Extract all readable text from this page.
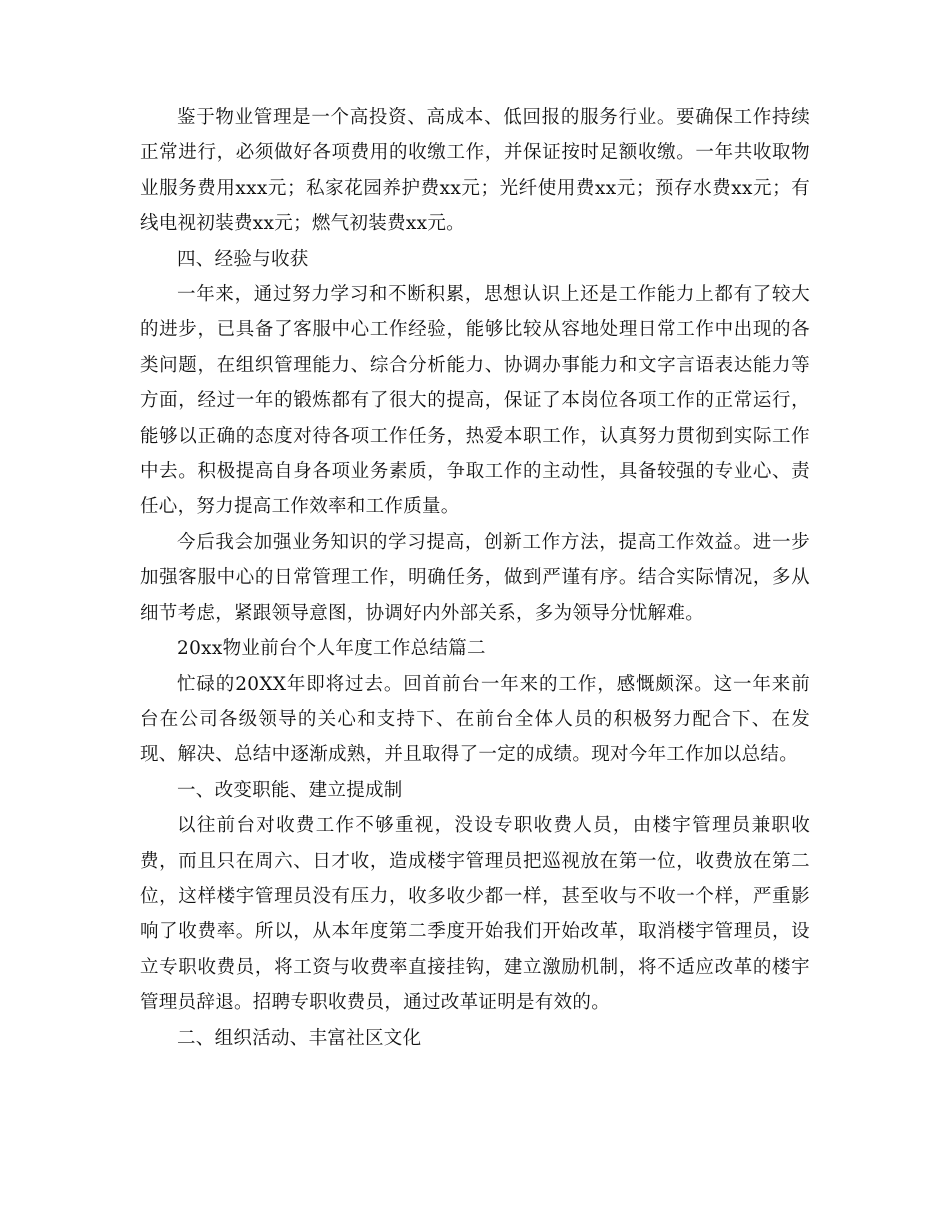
鉴于物业管理是一个高投资、高成本、低回报的服务行业。要确保工作持续正常进行，必须做好各项费用的收缴工作，并保证按时足额收缴。一年共收取物业服务费用xxx元；私家花园养护费xx元；光纤使用费xx元；预存水费xx元；有线电视初装费xx元；燃气初装费xx元。

四、经验与收获

一年来，通过努力学习和不断积累，思想认识上还是工作能力上都有了较大的进步，已具备了客服中心工作经验，能够比较从容地处理日常工作中出现的各类问题，在组织管理能力、综合分析能力、协调办事能力和文字言语表达能力等方面，经过一年的锻炼都有了很大的提高，保证了本岗位各项工作的正常运行，能够以正确的态度对待各项工作任务，热爱本职工作，认真努力贯彻到实际工作中去。积极提高自身各项业务素质，争取工作的主动性，具备较强的专业心、责任心，努力提高工作效率和工作质量。

今后我会加强业务知识的学习提高，创新工作方法，提高工作效益。进一步加强客服中心的日常管理工作，明确任务，做到严谨有序。结合实际情况，多从细节考虑，紧跟领导意图，协调好内外部关系，多为领导分忧解难。

20xx物业前台个人年度工作总结篇二

忙碌的20XX年即将过去。回首前台一年来的工作，感慨颇深。这一年来前台在公司各级领导的关心和支持下、在前台全体人员的积极努力配合下、在发现、解决、总结中逐渐成熟，并且取得了一定的成绩。现对今年工作加以总结。

一、改变职能、建立提成制

以往前台对收费工作不够重视，没设专职收费人员，由楼宇管理员兼职收费，而且只在周六、日才收，造成楼宇管理员把巡视放在第一位，收费放在第二位，这样楼宇管理员没有压力，收多收少都一样，甚至收与不收一个样，严重影响了收费率。所以，从本年度第二季度开始我们开始改革，取消楼宇管理员，设立专职收费员，将工资与收费率直接挂钩，建立激励机制，将不适应改革的楼宇管理员辞退。招聘专职收费员，通过改革证明是有效的。

二、组织活动、丰富社区文化
